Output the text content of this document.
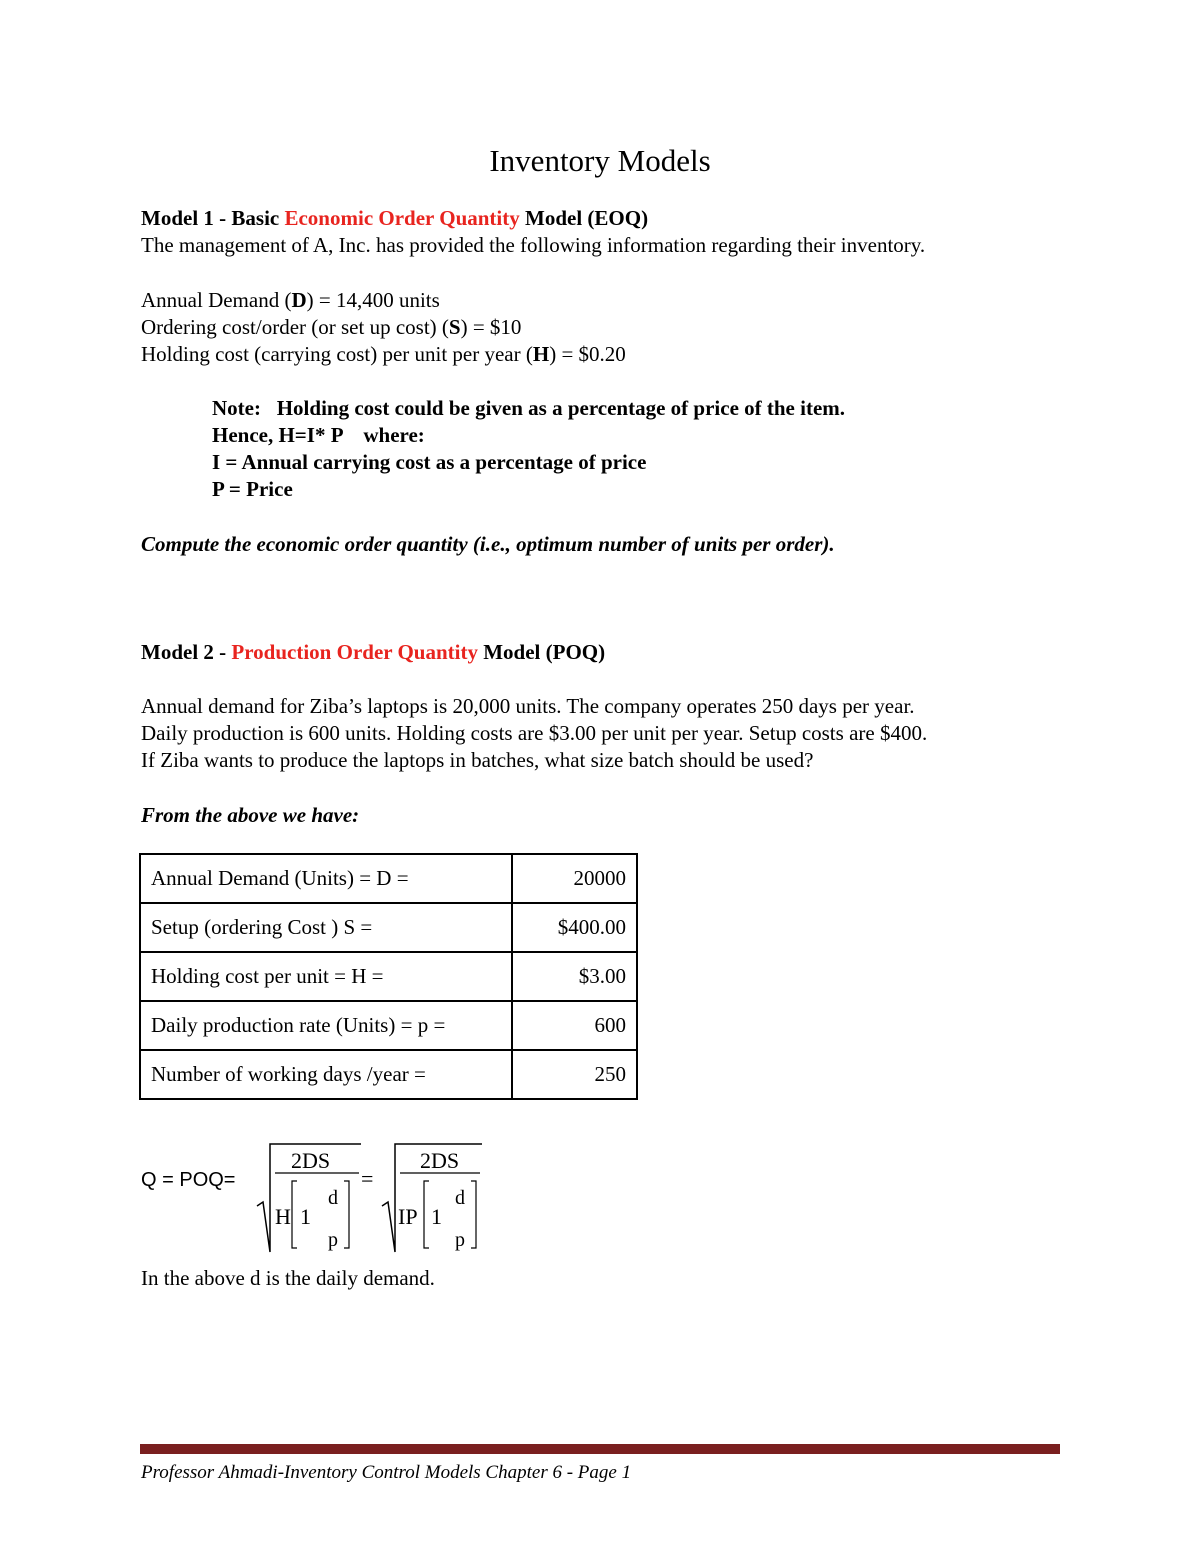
Inventory Models
Model 1 - Basic Economic Order Quantity Model (EOQ)
The management of A, Inc. has provided the following information regarding their inventory.
Annual Demand (D) = 14,400 units
Ordering cost/order (or set up cost) (S) = $10
Holding cost (carrying cost) per unit per year (H) = $0.20
Note:   Holding cost could be given as a percentage of price of the item.
Hence, H=I* P    where:
I = Annual carrying cost as a percentage of price
P = Price
Compute the economic order quantity (i.e., optimum number of units per order).
Model 2 - Production Order Quantity Model (POQ)
Annual demand for Ziba’s laptops is 20,000 units. The company operates 250 days per year.
Daily production is 600 units. Holding costs are $3.00 per unit per year. Setup costs are $400.
If Ziba wants to produce the laptops in batches, what size batch should be used?
From the above we have:
Annual Demand (Units) = D =	20000
Setup (ordering Cost ) S =	$400.00
Holding cost per unit = H =	$3.00
Daily production rate (Units) = p =	600
Number of working days /year =	250
Q = POQ=
2DS
H 1
d
p
=
2DS
IP 1
d
p
In the above d is the daily demand.
Professor Ahmadi-Inventory Control Models Chapter 6 - Page 1
